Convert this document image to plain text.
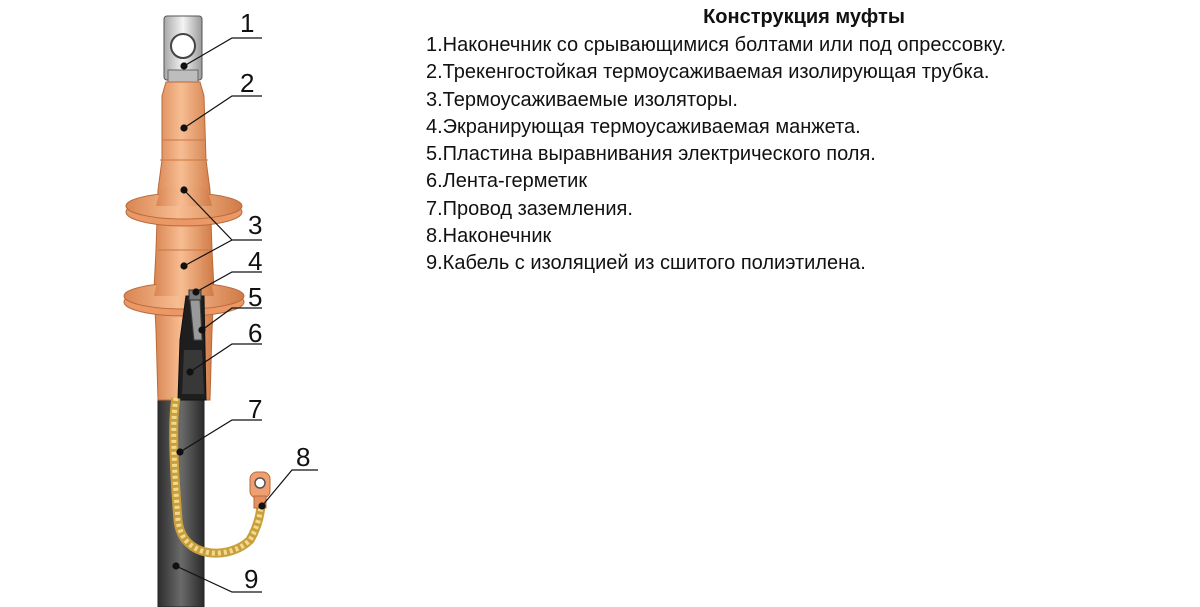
1
2
3
4
5
6
7
8
9
Конструкция муфты
1.Наконечник со срывающимися болтами или под опрессовку.
2.Трекенгостойкая термоусаживаемая изолирующая трубка.
3.Термоусаживаемые изоляторы.
4.Экранирующая термоусаживаемая манжета.
5.Пластина выравнивания электрического поля.
6.Лента-герметик
7.Провод заземления.
8.Наконечник
9.Кабель с изоляцией из сшитого полиэтилена.
